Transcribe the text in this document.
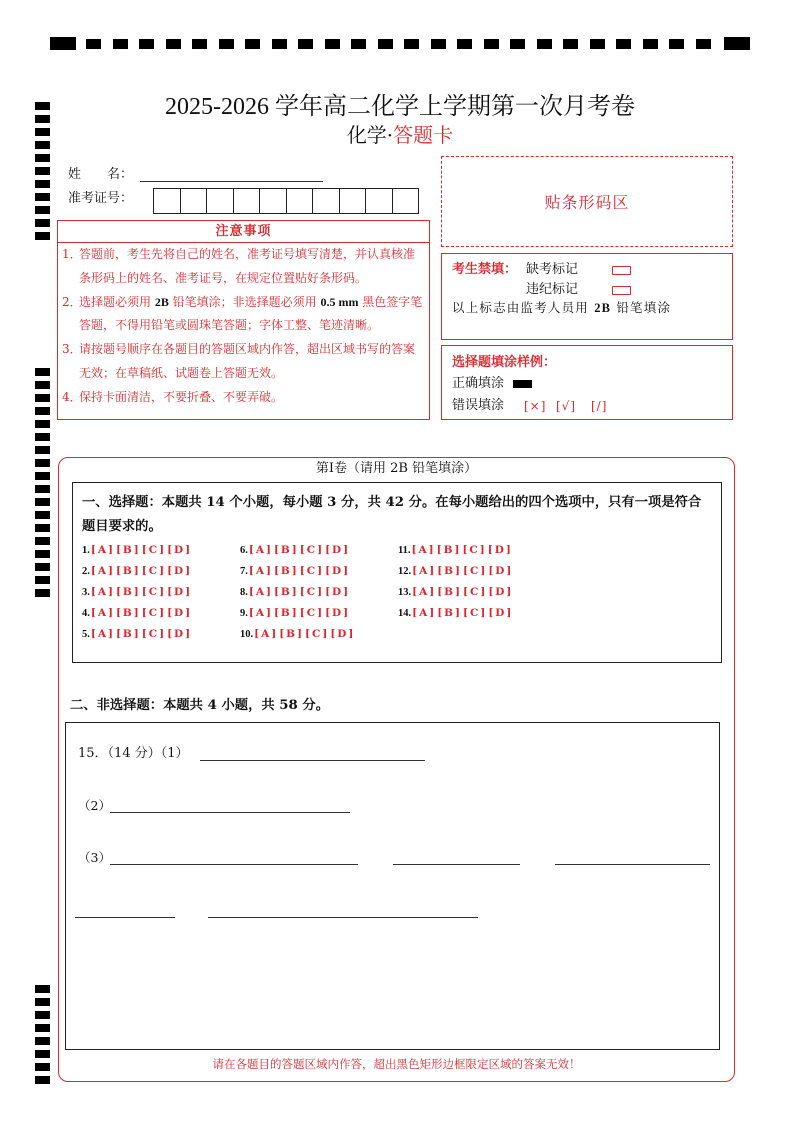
2025-2026 学年高二化学上学期第一次月考卷
化学·答题卡
姓　　名：
准考证号：	贴条形码区
注意事项
1．
答题前，考生先将自己的姓名，准考证号填写清楚，并认真核准
条形码上的姓名、准考证号，在规定位置贴好条形码。
2．
选择题必须用 2B 铅笔填涂；非选择题必须用 0.5 mm 黑色签字笔
答题，不得用铅笔或圆珠笔答题；字体工整、笔迹清晰。
3．
请按题号顺序在各题目的答题区域内作答，超出区域书写的答案
无效；在草稿纸、试题卷上答题无效。
4．
保持卡面清洁，不要折叠、不要弄破。
考生禁填： 缺考标记
违纪标记
以上标志由监考人员用 2B 铅笔填涂
选择题填涂样例：
正确填涂
错误填涂 [×] [√] [/]
第Ⅰ卷（请用 2B 铅笔填涂）
一、选择题：本题共 14 个小题，每小题 3 分，共 42 分。在每小题给出的四个选项中，只有一项是符合
题目要求的。
1.[A][B][C][D]
2.[A][B][C][D]
3.[A][B][C][D]
4.[A][B][C][D]
5.[A][B][C][D]
6.[A][B][C][D]
7.[A][B][C][D]
8.[A][B][C][D]
9.[A][B][C][D]
10.[A][B][C][D]
11.[A][B][C][D]
12.[A][B][C][D]
13.[A][B][C][D]
14.[A][B][C][D]
二、非选择题：本题共 4 小题，共 58 分。
15．（14 分）（1）
（2）
（3）
请在各题目的答题区域内作答，超出黑色矩形边框限定区域的答案无效！
